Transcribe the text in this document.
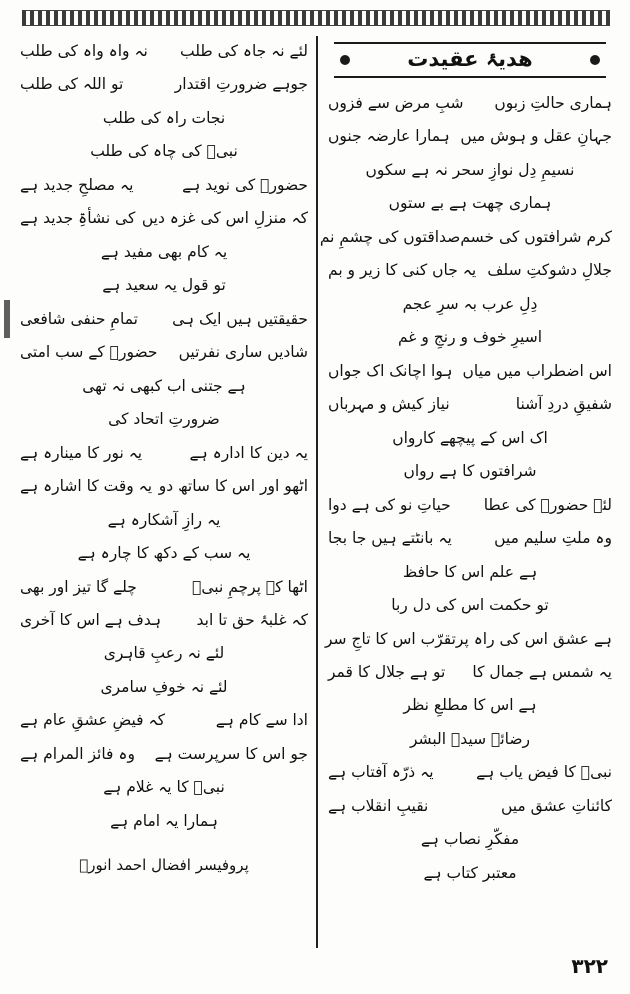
ھدیۂ عقیدت
ہماری حالتِ زبوں
شبِ مرض سے فزوں
جہانِ عقل و ہوش میں
ہمارا عارضہ جنوں
نسیمِ دِل نوازِ سحر نہ ہے سکوں
ہماری چھت ہے بے ستوں
کرم شرافتوں کی خسم
صداقتوں کی چشمِ نم
جلالِ دشوکتِ سلف
یہ جاں کنی کا زیر و بم
دِلِ عرب بہ سرِ عجم
اسیرِ خوف و رنجِ و غم
اس اضطراب میں میاں
ہوا اچانک اک جواں
شفیقِ دردِ آشنا
نیاز کیش و مہرباں
اک اس کے پیچھے کارواں
شرافتوں کا ہے رواں
لئے حضورؐ کی عطا
حیاتِ نو کی ہے دوا
وہ ملتِ سلیم میں
یہ بانٹتے ہیں جا بجا
ہے علم اس کا حافظ
تو حکمت اس کی دل ربا
ہے عشق اس کی راہ پر
تقرّب اس کا تاجِ سر
یہ شمس ہے جمال کا
تو ہے جلال کا قمر
ہے اس کا مطلعِ نظر
رضائے سیدؐ البشر
نبیؐ کا فیض یاب ہے
یہ ذرّہ آفتاب ہے
کائناتِ عشق میں
نقیبِ انقلاب ہے
مفکّرِ نصاب ہے
معتبر کتاب ہے
لئے نہ جاہ کی طلب
نہ واہ واہ کی طلب
جوہے ضرورتِ اقتدار
تو اللہ کی طلب
نجات راہ کی طلب
نبیؐ کی چاہ کی طلب
حضورؐ کی نوید ہے
یہ مصلحِ جدید ہے
کہ منزلِ اس کی غزہ دیں
کی نشأۃِ جدید ہے
یہ کام بھی مفید ہے
تو قول یہ سعید ہے
حقیقتیں ہیں ایک ہی
تمامِ حنفی شافعی
شادیں ساری نفرتیں
حضورؐ کے سب امتی
ہے جتنی اب کبھی نہ تھی
ضرورتِ اتحاد کی
یہ دین کا ادارہ ہے
یہ نور کا مینارہ ہے
اٹھو اور اس کا ساتھ دو
یہ وقت کا اشارہ ہے
یہ رازِ آشکارہ ہے
یہ سب کے دکھ کا چارہ ہے
اٹھا کے پرچمِ نبیؐ
چلے گا تیز اور بھی
کہ غلبۂ حق تا ابد
ہدف ہے اس کا آخری
لئے نہ رعبِ قاہری
لئے نہ خوفِ سامری
ادا سے کام ہے
کہ فیضِ عشقِ عام ہے
جو اس کا سرپرست ہے
وہ فائز المرام ہے
نبیؐ کا یہ غلام ہے
ہمارا یہ امام ہے
پروفیسر افضال احمد انورؔ
۳۲۲
